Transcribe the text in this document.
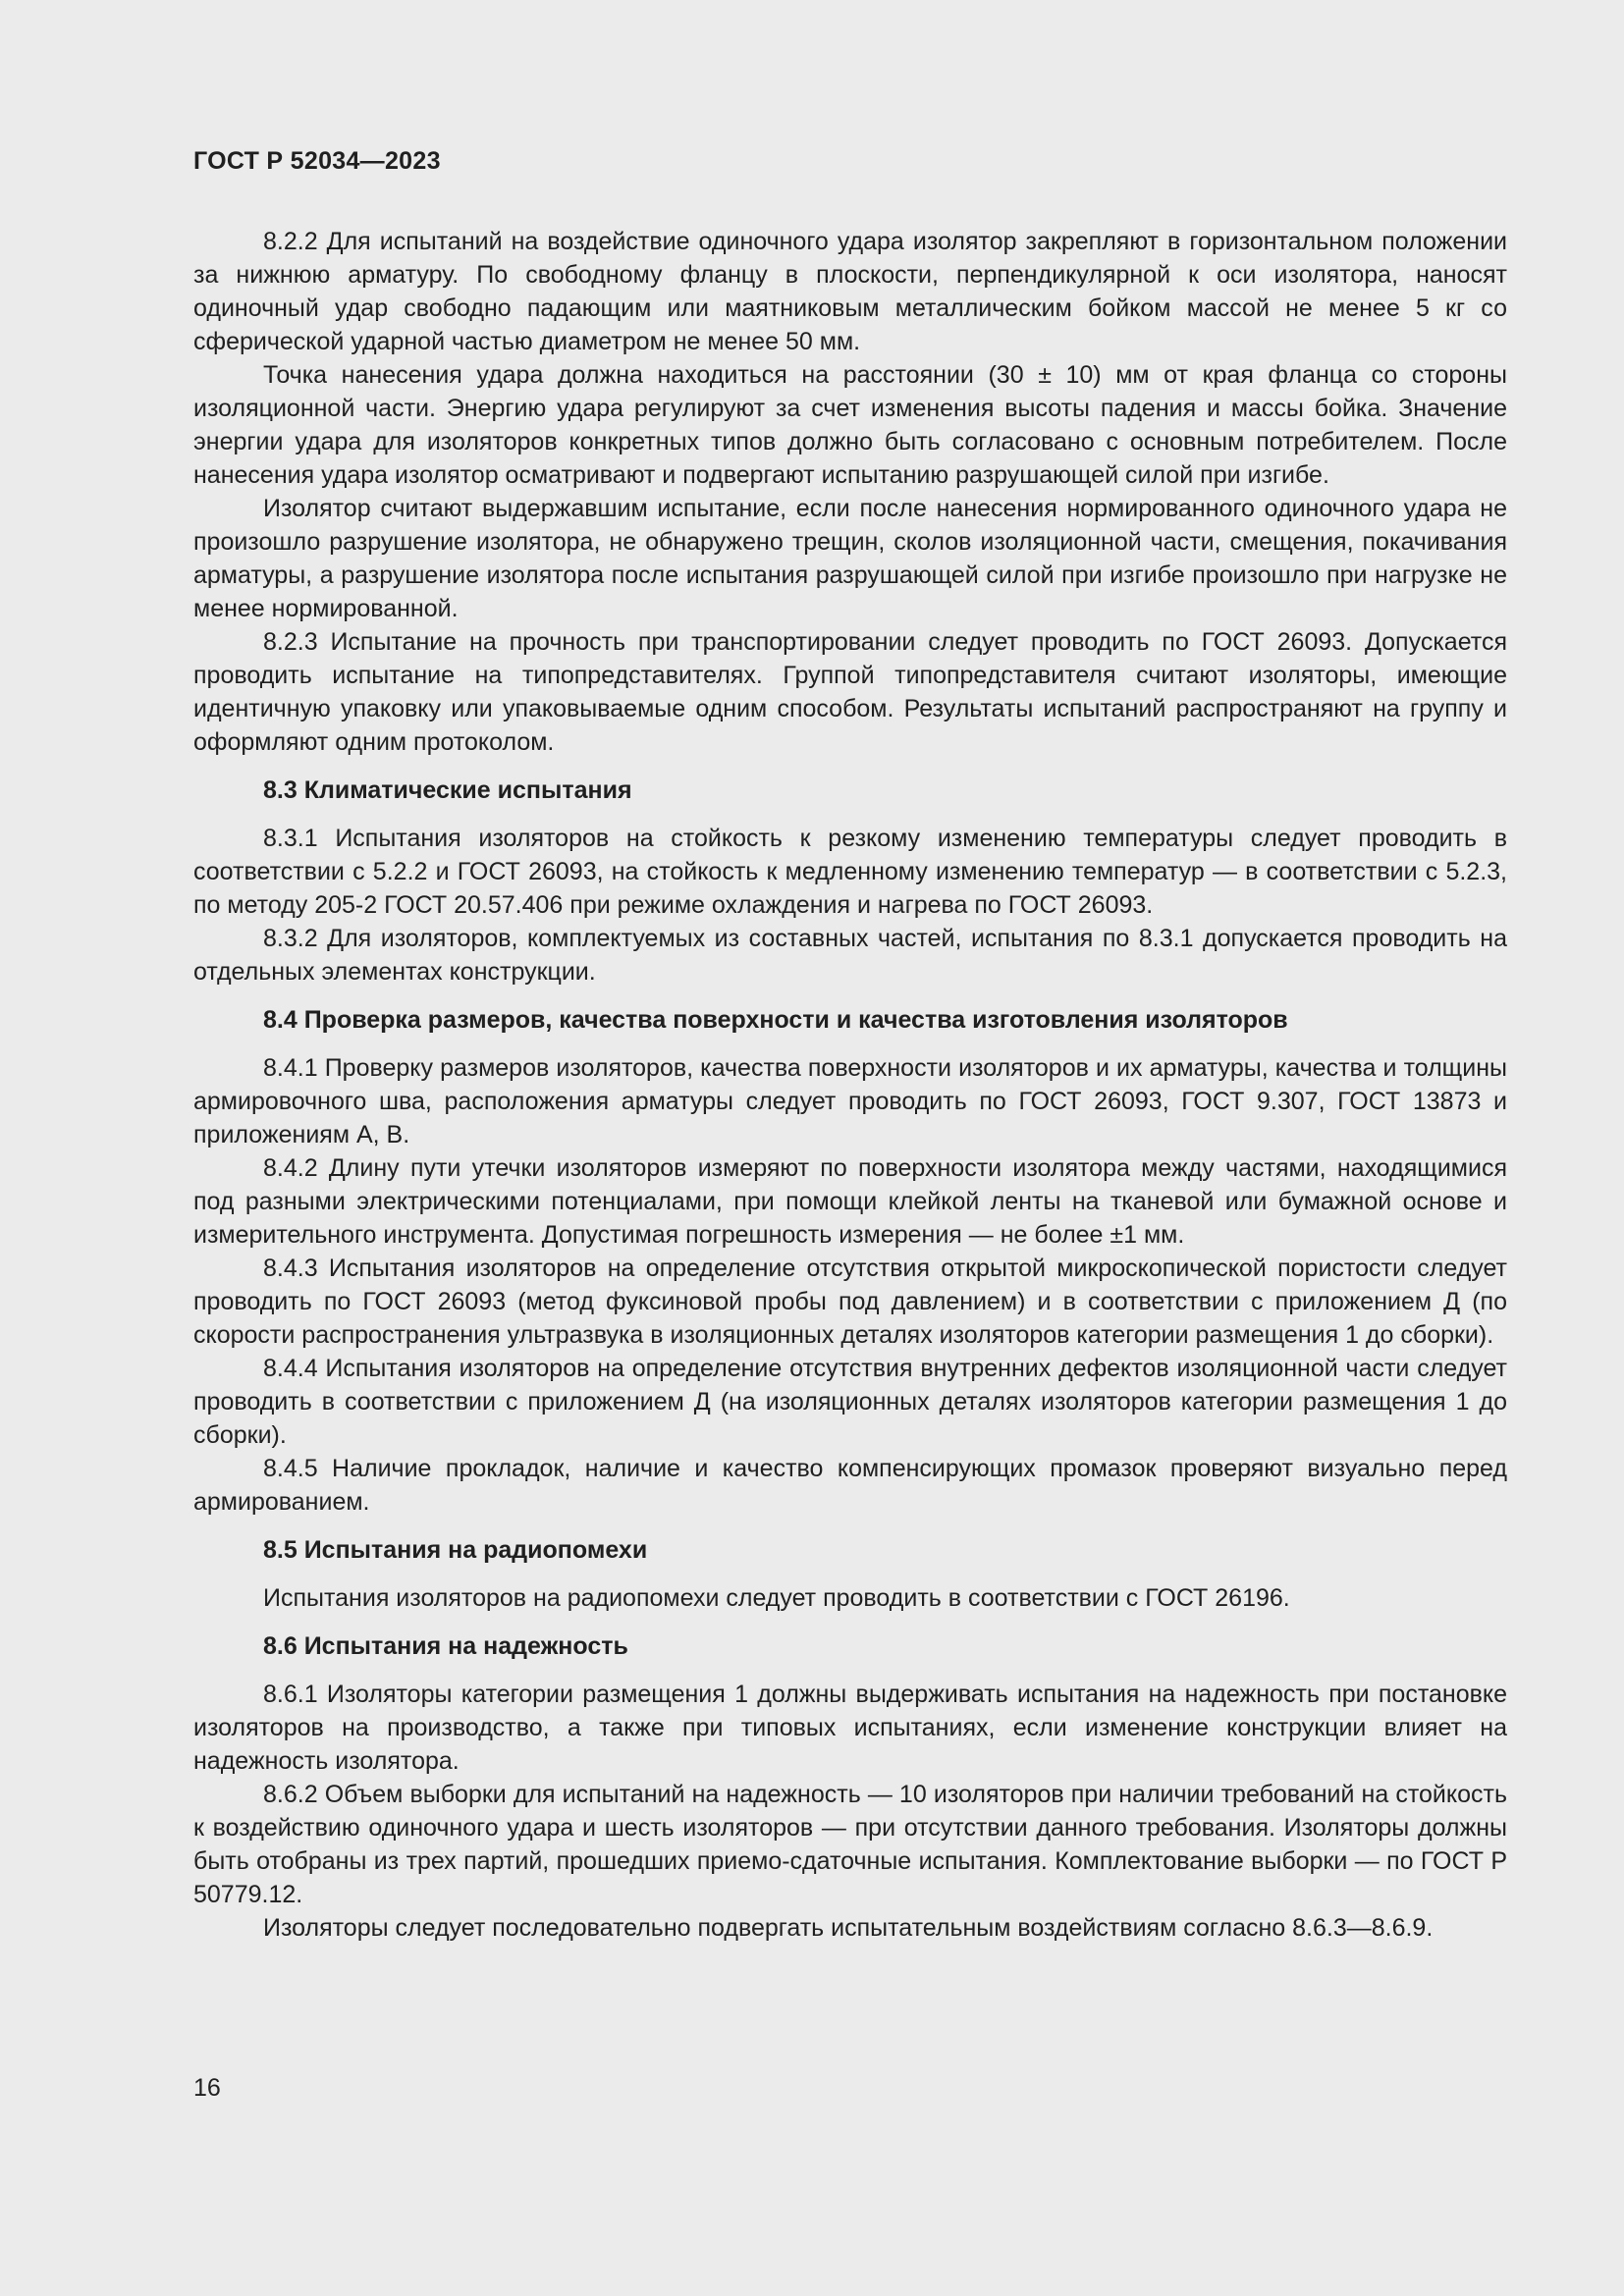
ГОСТ Р 52034—2023

8.2.2 Для испытаний на воздействие одиночного удара изолятор закрепляют в горизонтальном положении за нижнюю арматуру. По свободному фланцу в плоскости, перпендикулярной к оси изолятора, наносят одиночный удар свободно падающим или маятниковым металлическим бойком массой не менее 5 кг со сферической ударной частью диаметром не менее 50 мм.

Точка нанесения удара должна находиться на расстоянии (30 ± 10) мм от края фланца со стороны изоляционной части. Энергию удара регулируют за счет изменения высоты падения и массы бойка. Значение энергии удара для изоляторов конкретных типов должно быть согласовано с основным потребителем. После нанесения удара изолятор осматривают и подвергают испытанию разрушающей силой при изгибе.

Изолятор считают выдержавшим испытание, если после нанесения нормированного одиночного удара не произошло разрушение изолятора, не обнаружено трещин, сколов изоляционной части, смещения, покачивания арматуры, а разрушение изолятора после испытания разрушающей силой при изгибе произошло при нагрузке не менее нормированной.

8.2.3 Испытание на прочность при транспортировании следует проводить по ГОСТ 26093. Допускается проводить испытание на типопредставителях. Группой типопредставителя считают изоляторы, имеющие идентичную упаковку или упаковываемые одним способом. Результаты испытаний распространяют на группу и оформляют одним протоколом.

8.3 Климатические испытания

8.3.1 Испытания изоляторов на стойкость к резкому изменению температуры следует проводить в соответствии с 5.2.2 и ГОСТ 26093, на стойкость к медленному изменению температур — в соответствии с 5.2.3, по методу 205-2 ГОСТ 20.57.406 при режиме охлаждения и нагрева по ГОСТ 26093.

8.3.2 Для изоляторов, комплектуемых из составных частей, испытания по 8.3.1 допускается проводить на отдельных элементах конструкции.

8.4 Проверка размеров, качества поверхности и качества изготовления изоляторов

8.4.1 Проверку размеров изоляторов, качества поверхности изоляторов и их арматуры, качества и толщины армировочного шва, расположения арматуры следует проводить по ГОСТ 26093, ГОСТ 9.307, ГОСТ 13873 и приложениям А, В.

8.4.2 Длину пути утечки изоляторов измеряют по поверхности изолятора между частями, находящимися под разными электрическими потенциалами, при помощи клейкой ленты на тканевой или бумажной основе и измерительного инструмента. Допустимая погрешность измерения — не более ±1 мм.

8.4.3 Испытания изоляторов на определение отсутствия открытой микроскопической пористости следует проводить по ГОСТ 26093 (метод фуксиновой пробы под давлением) и в соответствии с приложением Д (по скорости распространения ультразвука в изоляционных деталях изоляторов категории размещения 1 до сборки).

8.4.4 Испытания изоляторов на определение отсутствия внутренних дефектов изоляционной части следует проводить в соответствии с приложением Д (на изоляционных деталях изоляторов категории размещения 1 до сборки).

8.4.5 Наличие прокладок, наличие и качество компенсирующих промазок проверяют визуально перед армированием.

8.5 Испытания на радиопомехи

Испытания изоляторов на радиопомехи следует проводить в соответствии с ГОСТ 26196.

8.6 Испытания на надежность

8.6.1 Изоляторы категории размещения 1 должны выдерживать испытания на надежность при постановке изоляторов на производство, а также при типовых испытаниях, если изменение конструкции влияет на надежность изолятора.

8.6.2 Объем выборки для испытаний на надежность — 10 изоляторов при наличии требований на стойкость к воздействию одиночного удара и шесть изоляторов — при отсутствии данного требования. Изоляторы должны быть отобраны из трех партий, прошедших приемо-сдаточные испытания. Комплектование выборки — по ГОСТ Р 50779.12.

Изоляторы следует последовательно подвергать испытательным воздействиям согласно 8.6.3—8.6.9.

16
